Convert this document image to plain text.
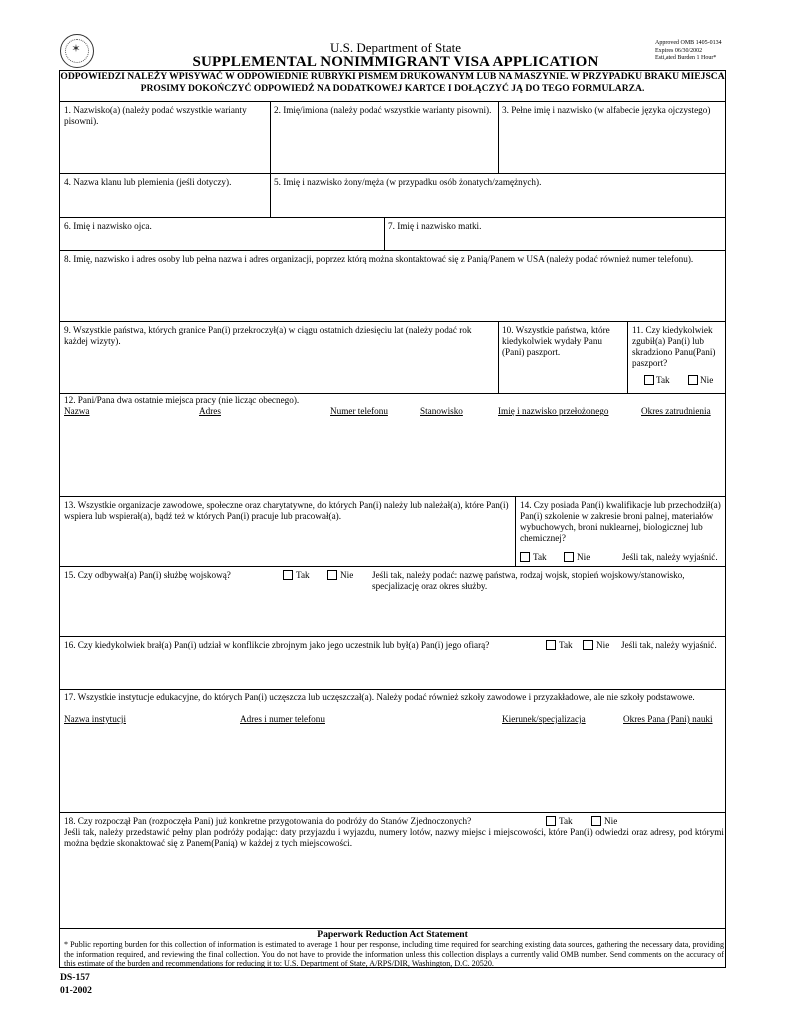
✶	U.S. Department of State
SUPPLEMENTAL NONIMMIGRANT VISA APPLICATION
Approved OMB 1405-0134
Expires 06/30/2002
Esti,ated Burden 1 Hour*
ODPOWIEDZI NALEŻY WPISYWAĆ W ODPOWIEDNIE RUBRYKI PISMEM DRUKOWANYM LUB NA MASZYNIE. W PRZYPADKU BRAKU MIEJSCA PROSIMY DOKOŃCZYĆ ODPOWIEDŹ NA DODATKOWEJ KARTCE I DOŁĄCZYĆ JĄ DO TEGO FORMULARZA.
1. Nazwisko(a) (należy podać wszystkie warianty pisowni).
2. Imię/imiona (należy podać wszystkie warianty pisowni). 3. Pełne imię i nazwisko (w alfabecie języka ojczystego)
4. Nazwa klanu lub plemienia (jeśli dotyczy).	5. Imię i nazwisko żony/męża (w przypadku osób żonatych/zamężnych).
6. Imię i nazwisko ojca.	7. Imię i nazwisko matki.
8. Imię, nazwisko i adres osoby lub pełna nazwa i adres organizacji, poprzez którą można skontaktować się z Panią/Panem w USA (należy podać również numer telefonu).
9. Wszystkie państwa, których granice Pan(i) przekroczył(a) w ciągu ostatnich dziesięciu lat (należy podać rok każdej wizyty).
10. Wszystkie państwa, które kiedykolwiek wydały Panu (Pani) paszport.
11. Czy kiedykolwiek zgubił(a) Pan(i) lub skradziono Panu(Pani) paszport?
Tak	Nie
12. Pani/Pana dwa ostatnie miejsca pracy (nie licząc obecnego).
Nazwa	Adres	Numer telefonu	Stanowisko	Imię i nazwisko przełożonego	Okres zatrudnienia
13. Wszystkie organizacje zawodowe, społeczne oraz charytatywne, do których Pan(i) należy lub należał(a), które Pan(i) wspiera lub wspierał(a), bądź też w których Pan(i) pracuje lub pracował(a).
14. Czy posiada Pan(i) kwalifikacje lub przechodził(a) Pan(i) szkolenie w zakresie broni palnej, materiałów wybuchowych, broni nuklearnej, biologicznej lub chemicznej?
Tak	Nie	Jeśli tak, należy wyjaśnić.
15. Czy odbywał(a) Pan(i) służbę wojskową?	Tak	Nie Jeśli tak, należy podać: nazwę państwa, rodzaj wojsk, stopień wojskowy/stanowisko, specjalizację oraz okres służby.
16. Czy kiedykolwiek brał(a) Pan(i) udział w konflikcie zbrojnym jako jego uczestnik lub był(a) Pan(i) jego ofiarą?	Tak	Nie Jeśli tak, należy wyjaśnić.
17. Wszystkie instytucje edukacyjne, do których Pan(i) uczęszcza lub uczęszczał(a). Należy podać również szkoły zawodowe i przyzakładowe, ale nie szkoły podstawowe.
Nazwa instytucji	Adres i numer telefonu	Kierunek/specjalizacja	Okres Pana (Pani) nauki
18. Czy rozpoczął Pan (rozpoczęła Pani) już konkretne przygotowania do podróży do Stanów Zjednoczonych?	Tak	Nie
Jeśli tak, należy przedstawić pełny plan podróży podając: daty przyjazdu i wyjazdu, numery lotów, nazwy miejsc i miejscowości, które Pan(i) odwiedzi oraz adresy, pod którymi można będzie skonaktować się z Panem(Panią) w każdej z tych miejscowości.
Paperwork Reduction Act Statement
* Public reporting burden for this collection of information is estimated to average 1 hour per response, including time required for searching existing data sources, gathering the necessary data, providing the information required, and reviewing the final collection. You do not have to provide the information unless this collection displays a currently valid OMB number. Send comments on the accuracy of this estimate of the burden and recommendations for reducing it to: U.S. Department of State, A/RPS/DIR, Washington, D.C. 20520.
DS-157
01-2002
